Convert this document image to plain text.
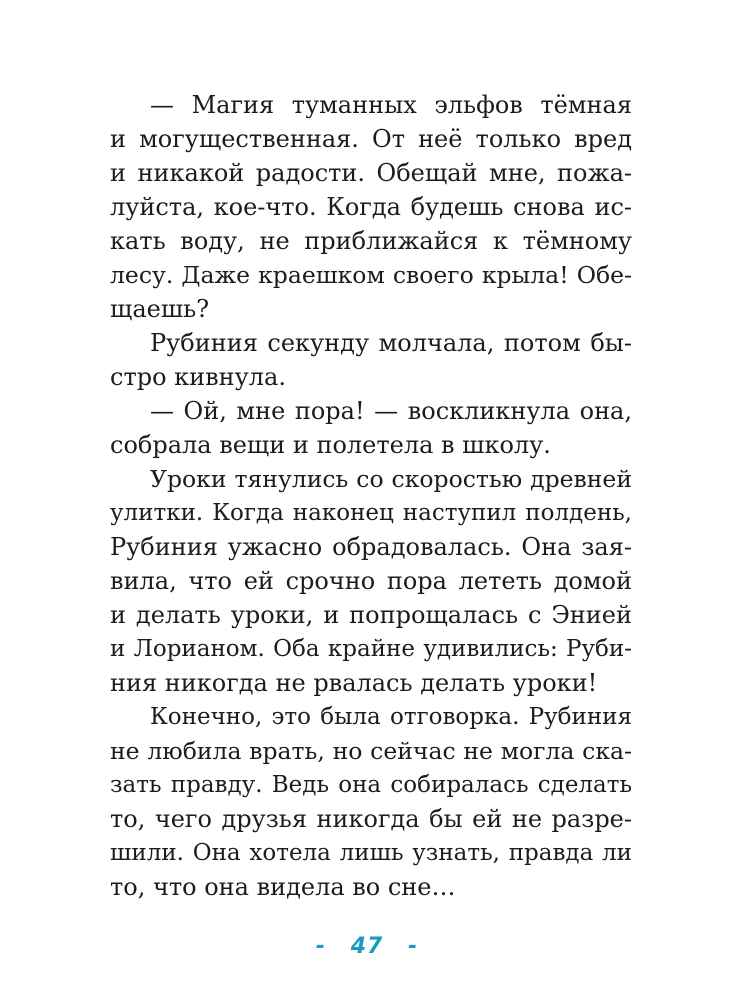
— Магия туманных эльфов тёмная
и могущественная. От неё только вред
и никакой радости. Обещай мне, пожа-
луйста, кое-что. Когда будешь снова ис-
кать воду, не приближайся к тёмному
лесу. Даже краешком своего крыла! Обе-
щаешь?
Рубиния секунду молчала, потом бы-
стро кивнула.
— Ой, мне пора! — воскликнула она,
собрала вещи и полетела в школу.
Уроки тянулись со скоростью древней
улитки. Когда наконец наступил полдень,
Рубиния ужасно обрадовалась. Она зая-
вила, что ей срочно пора лететь домой
и делать уроки, и попрощалась с Энией
и Лорианом. Оба крайне удивились: Руби-
ния никогда не рвалась делать уроки!
Конечно, это была отговорка. Рубиния
не любила врать, но сейчас не могла ска-
зать правду. Ведь она собиралась сделать
то, чего друзья никогда бы ей не разре-
шили. Она хотела лишь узнать, правда ли
то, что она видела во сне…
- 47 -
